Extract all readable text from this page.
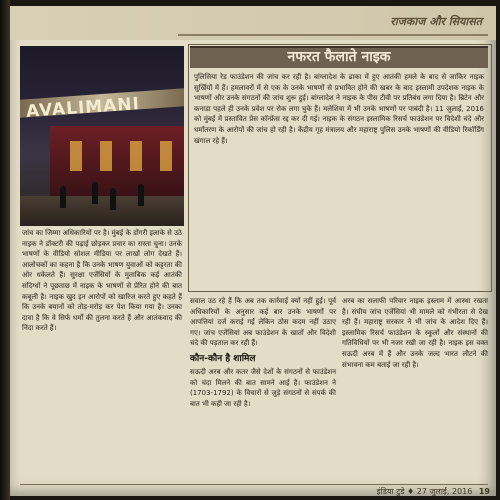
राजकाज और सियासत
AVALIMANI
नफरत फैलाते नाइक
पुलिसिया रेड फाउंडेशन की जांच कर रही है। बांग्लादेश के ढाका में हुए आतंकी हमले के बाद से जाकिर नाइक सुर्खियों में हैं। हमलावरों में से एक के उनके भाषणों से प्रभावित होने की खबर के बाद इस्लामी उपदेशक नाइक के भाषणों और उनके संगठनों की जांच शुरू हुई। बांग्लादेश ने नाइक के पीस टीवी पर प्रतिबंध लगा दिया है। ब्रिटेन और कनाडा पहले ही उनके प्रवेश पर रोक लगा चुके हैं। मलेशिया में भी उनके भाषणों पर पाबंदी है। 11 जुलाई, 2016 को मुंबई में प्रस्तावित प्रेस कॉन्फ्रेंस रद्द कर दी गई। नाइक के संगठन इस्लामिक रिसर्च फाउंडेशन पर विदेशी चंदे और धर्मांतरण के आरोपों की जांच हो रही है। केंद्रीय गृह मंत्रालय और महाराष्ट्र पुलिस उनके भाषणों की वीडियो रिकॉर्डिंग खंगाल रहे हैं।
जांच का जिम्मा अधिकारियों पर है। मुंबई के डोंगरी इलाके से उठे नाइक ने डॉक्टरी की पढ़ाई छोड़कर प्रचार का रास्ता चुना। उनके भाषणों के वीडियो सोशल मीडिया पर लाखों लोग देखते हैं। आलोचकों का कहना है कि उनके भाषण युवाओं को कट्टरता की ओर धकेलते हैं। सुरक्षा एजेंसियों के मुताबिक कई आतंकी संदिग्धों ने पूछताछ में नाइक के भाषणों से प्रेरित होने की बात कबूली है। नाइक खुद इन आरोपों को खारिज करते हुए कहते हैं कि उनके बयानों को तोड़-मरोड़ कर पेश किया गया है। उनका दावा है कि वे सिर्फ धर्मों की तुलना करते हैं और आतंकवाद की निंदा करते हैं।
सवाल उठ रहे हैं कि अब तक कार्रवाई क्यों नहीं हुई। पूर्व अधिकारियों के अनुसार कई बार उनके भाषणों पर आपत्तियां दर्ज कराई गईं लेकिन ठोस कदम नहीं उठाए गए। जांच एजेंसियां अब फाउंडेशन के खातों और विदेशी चंदे की पड़ताल कर रही हैं।
कौन-कौन है शामिल
सऊदी अरब और कतर जैसे देशों के संगठनों से फाउंडेशन को चंदा मिलने की बात सामने आई है। फाउंडेशन ने (1703-1792) के विचारों से जुड़े संगठनों से संपर्क की बात भी कही जा रही है।
अरब का सलाफी परिवार नाइक इस्लाम में आस्था रखता है। संघीय जांच एजेंसियां भी मामले को गंभीरता से देख रही हैं। महाराष्ट्र सरकार ने भी जांच के आदेश दिए हैं। इस्लामिक रिसर्च फाउंडेशन के स्कूलों और संस्थानों की गतिविधियों पर भी नजर रखी जा रही है। नाइक इस वक्त सऊदी अरब में हैं और उनके जल्द भारत लौटने की संभावना कम बताई जा रही है।
इंडिया टुडे ♦ 27 जुलाई, 2016 19
